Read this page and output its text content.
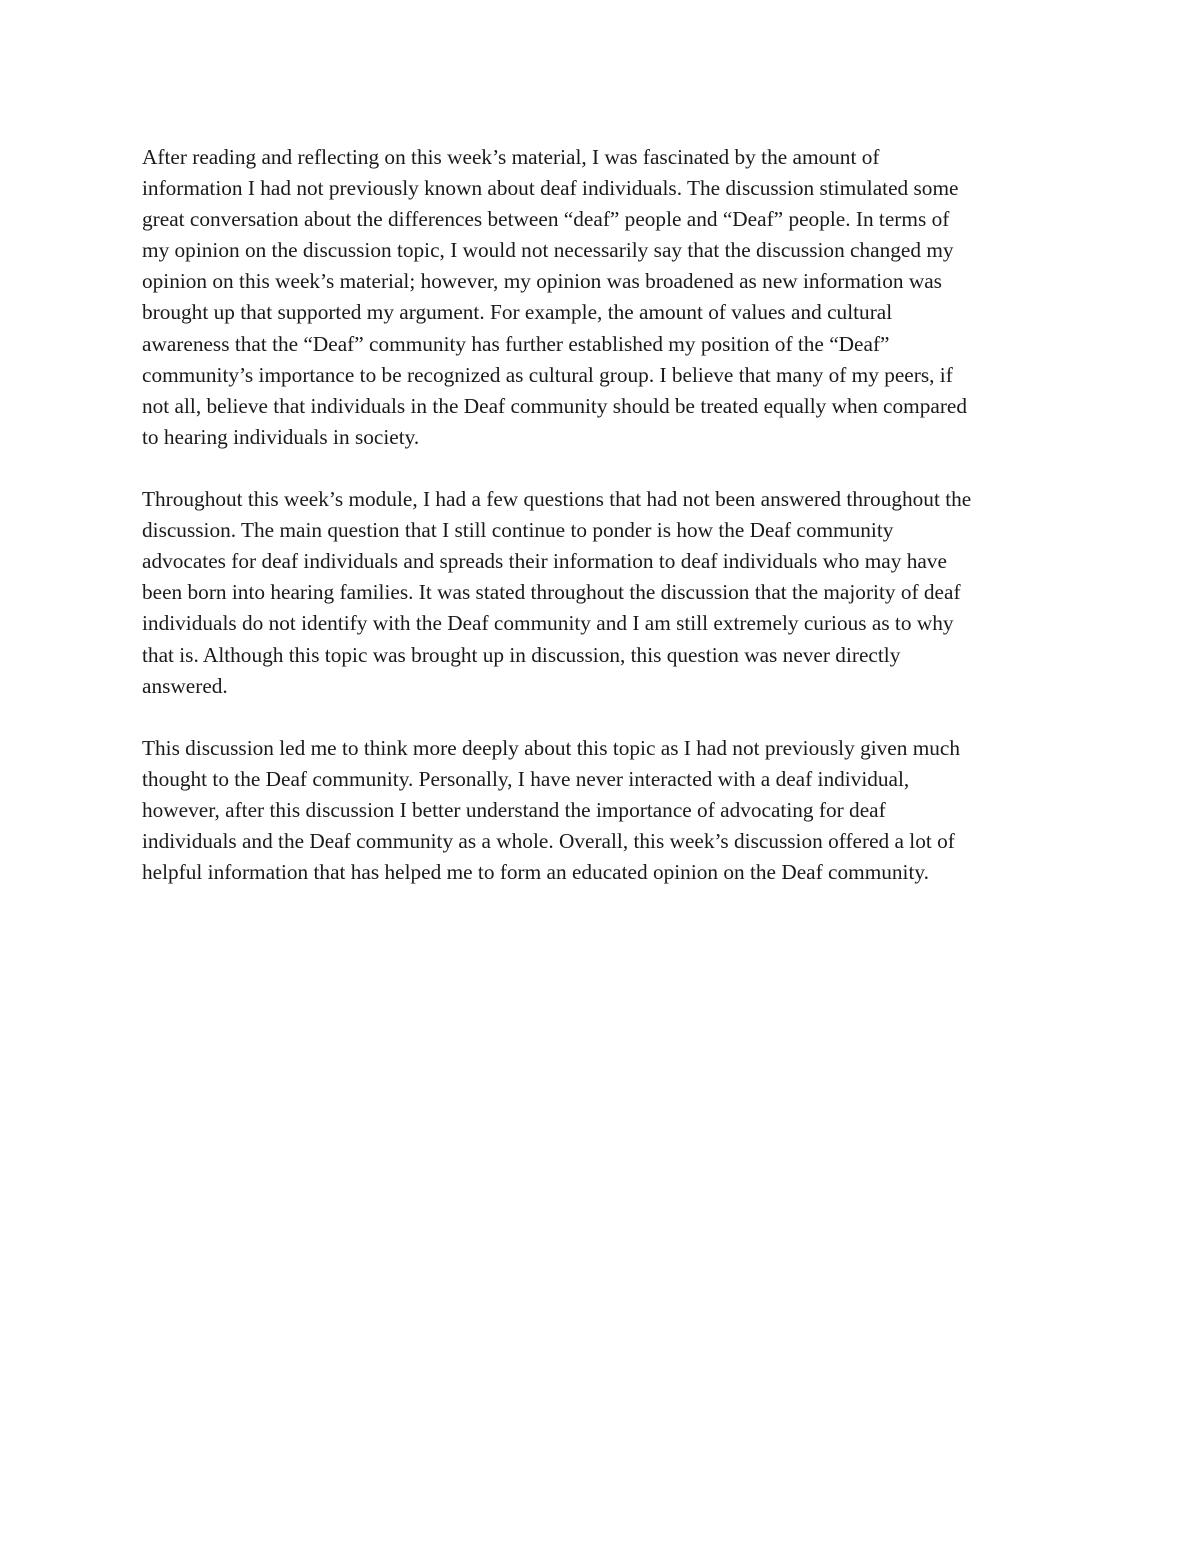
After reading and reflecting on this week’s material, I was fascinated by the amount of
information I had not previously known about deaf individuals. The discussion stimulated some
great conversation about the differences between “deaf” people and “Deaf” people. In terms of
my opinion on the discussion topic, I would not necessarily say that the discussion changed my
opinion on this week’s material; however, my opinion was broadened as new information was
brought up that supported my argument. For example, the amount of values and cultural
awareness that the “Deaf” community has further established my position of the “Deaf”
community’s importance to be recognized as cultural group. I believe that many of my peers, if
not all, believe that individuals in the Deaf community should be treated equally when compared
to hearing individuals in society.

Throughout this week’s module, I had a few questions that had not been answered throughout the
discussion. The main question that I still continue to ponder is how the Deaf community
advocates for deaf individuals and spreads their information to deaf individuals who may have
been born into hearing families. It was stated throughout the discussion that the majority of deaf
individuals do not identify with the Deaf community and I am still extremely curious as to why
that is. Although this topic was brought up in discussion, this question was never directly
answered.

This discussion led me to think more deeply about this topic as I had not previously given much
thought to the Deaf community. Personally, I have never interacted with a deaf individual,
however, after this discussion I better understand the importance of advocating for deaf
individuals and the Deaf community as a whole. Overall, this week’s discussion offered a lot of
helpful information that has helped me to form an educated opinion on the Deaf community.
